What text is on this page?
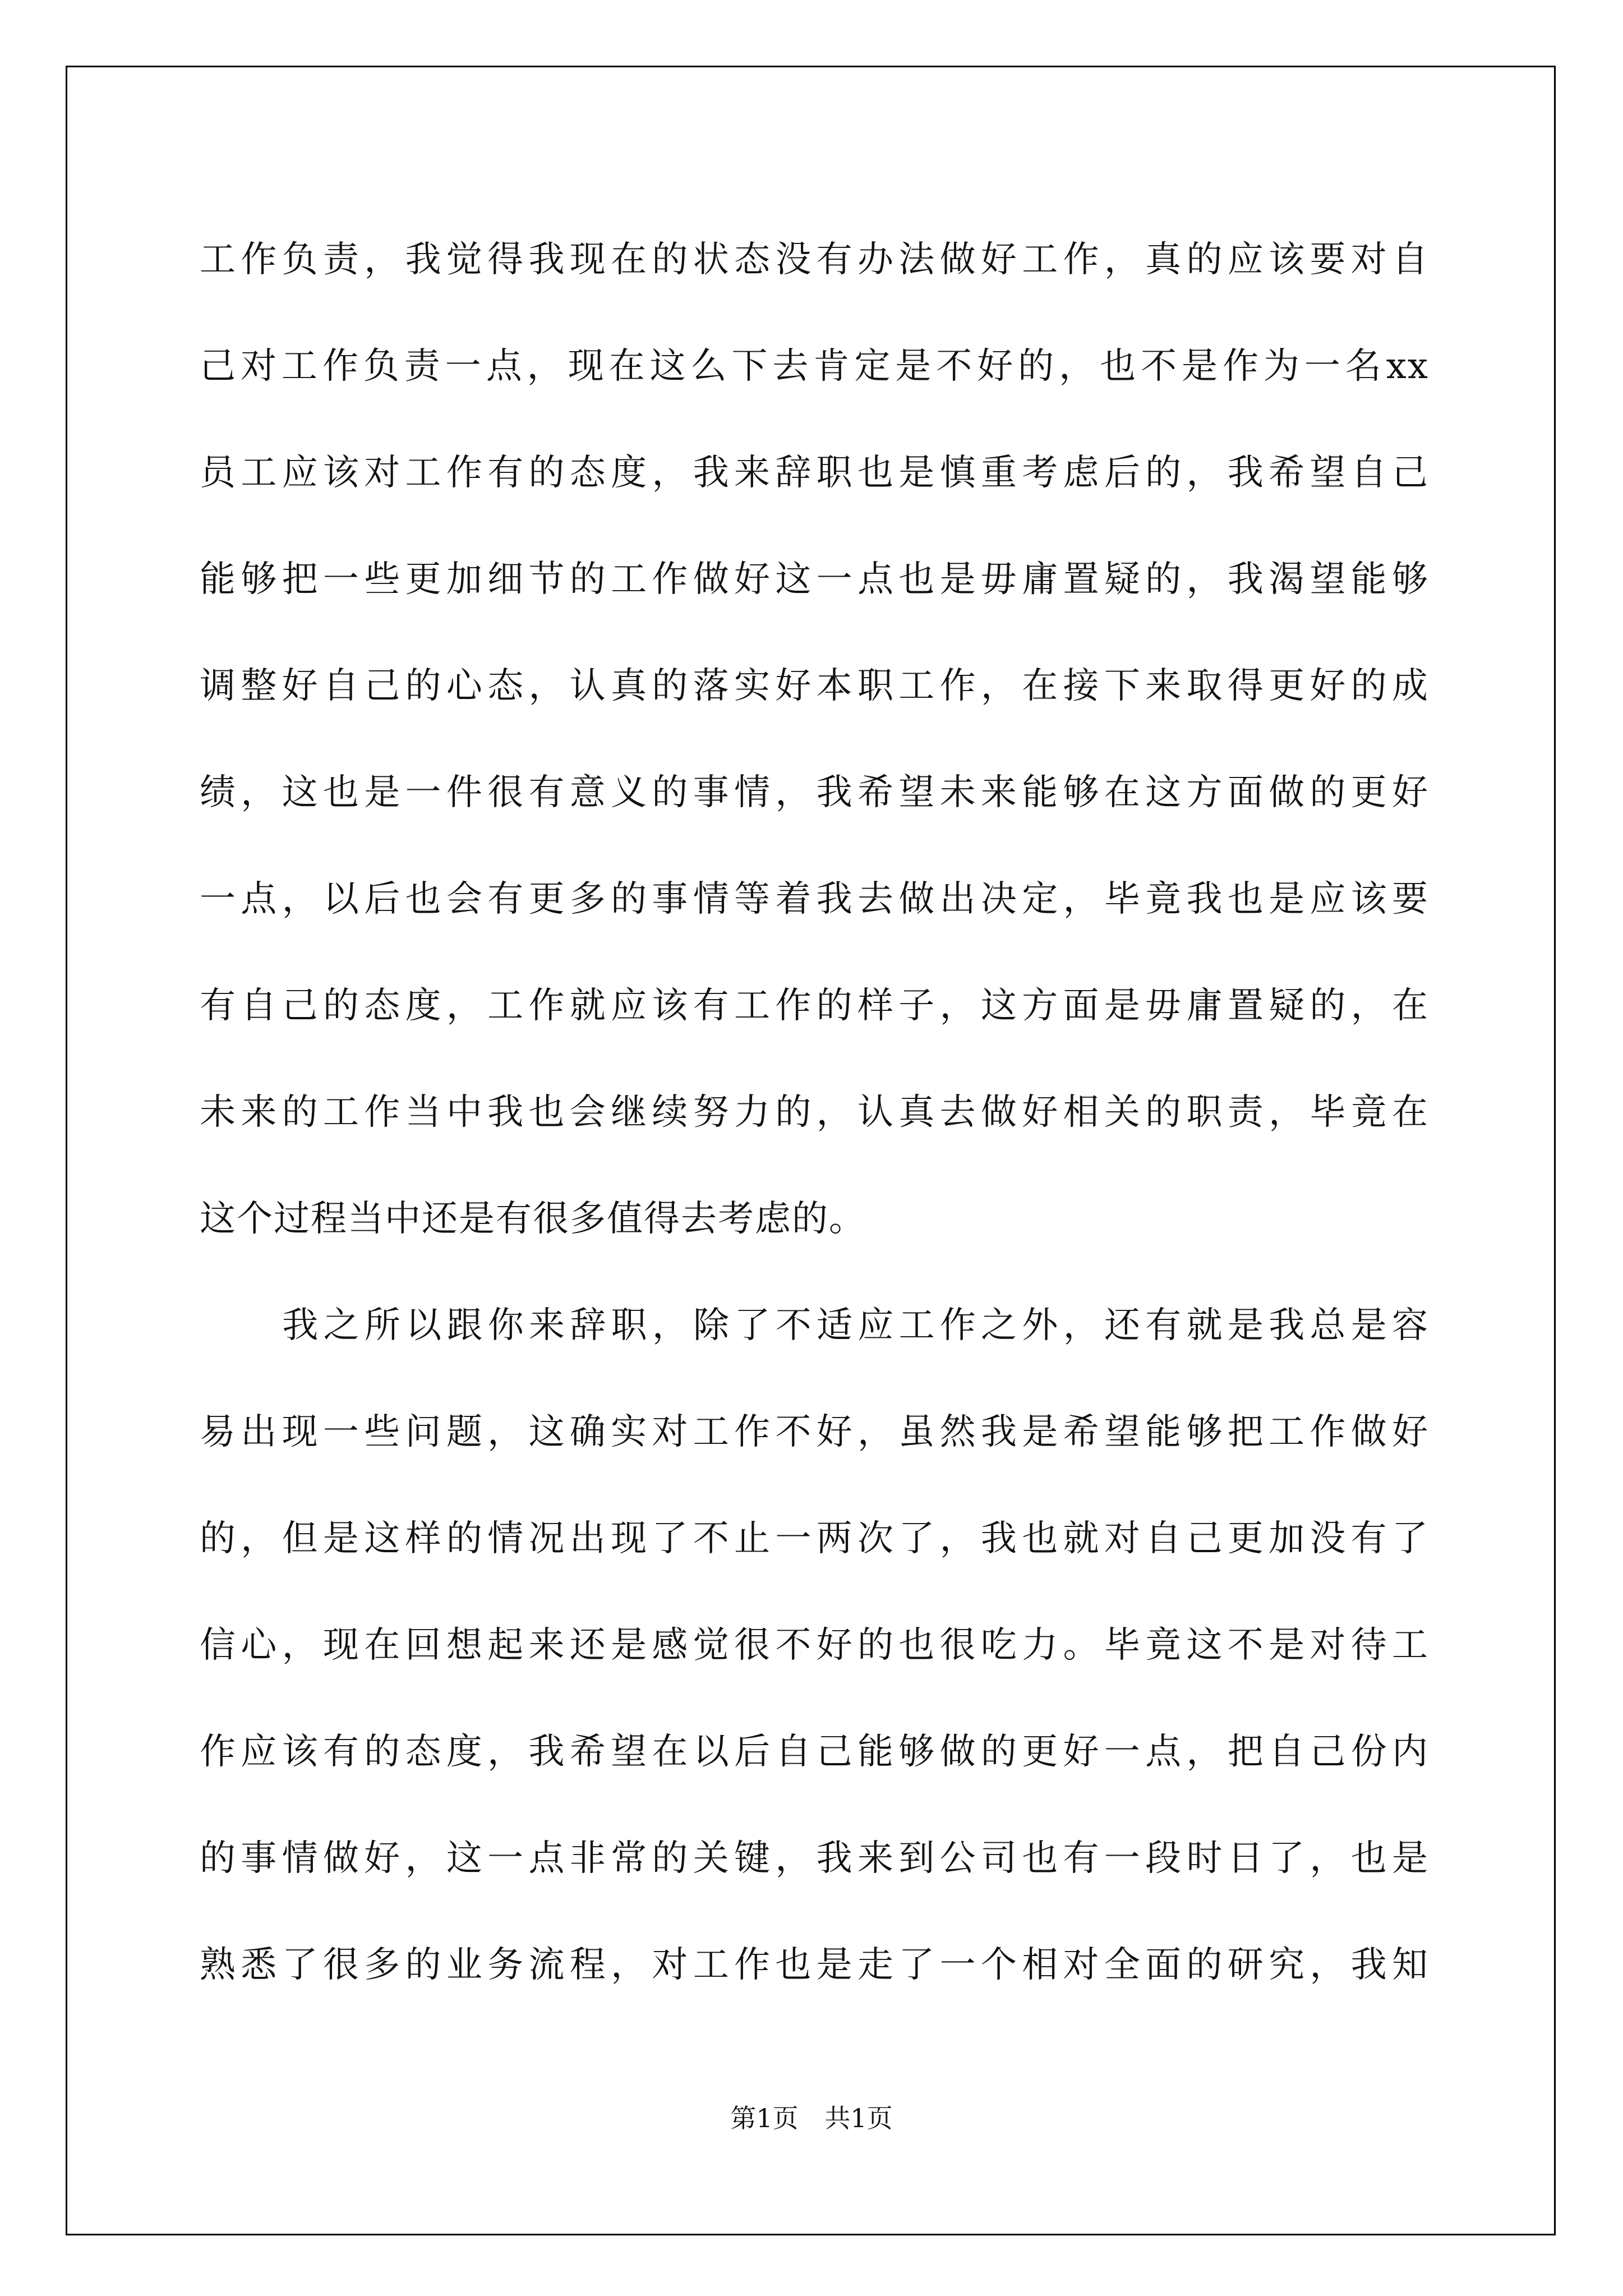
工作负责，我觉得我现在的状态没有办法做好工作，真的应该要对自

己对工作负责一点，现在这么下去肯定是不好的，也不是作为一名xx

员工应该对工作有的态度，我来辞职也是慎重考虑后的，我希望自己

能够把一些更加细节的工作做好这一点也是毋庸置疑的，我渴望能够

调整好自己的心态，认真的落实好本职工作，在接下来取得更好的成

绩，这也是一件很有意义的事情，我希望未来能够在这方面做的更好

一点，以后也会有更多的事情等着我去做出决定，毕竟我也是应该要

有自己的态度，工作就应该有工作的样子，这方面是毋庸置疑的，在

未来的工作当中我也会继续努力的，认真去做好相关的职责，毕竟在

这个过程当中还是有很多值得去考虑的。

我之所以跟你来辞职，除了不适应工作之外，还有就是我总是容

易出现一些问题，这确实对工作不好，虽然我是希望能够把工作做好

的，但是这样的情况出现了不止一两次了，我也就对自己更加没有了

信心，现在回想起来还是感觉很不好的也很吃力。毕竟这不是对待工

作应该有的态度，我希望在以后自己能够做的更好一点，把自己份内

的事情做好，这一点非常的关键，我来到公司也有一段时日了，也是

熟悉了很多的业务流程，对工作也是走了一个相对全面的研究，我知

第1页 共1页
